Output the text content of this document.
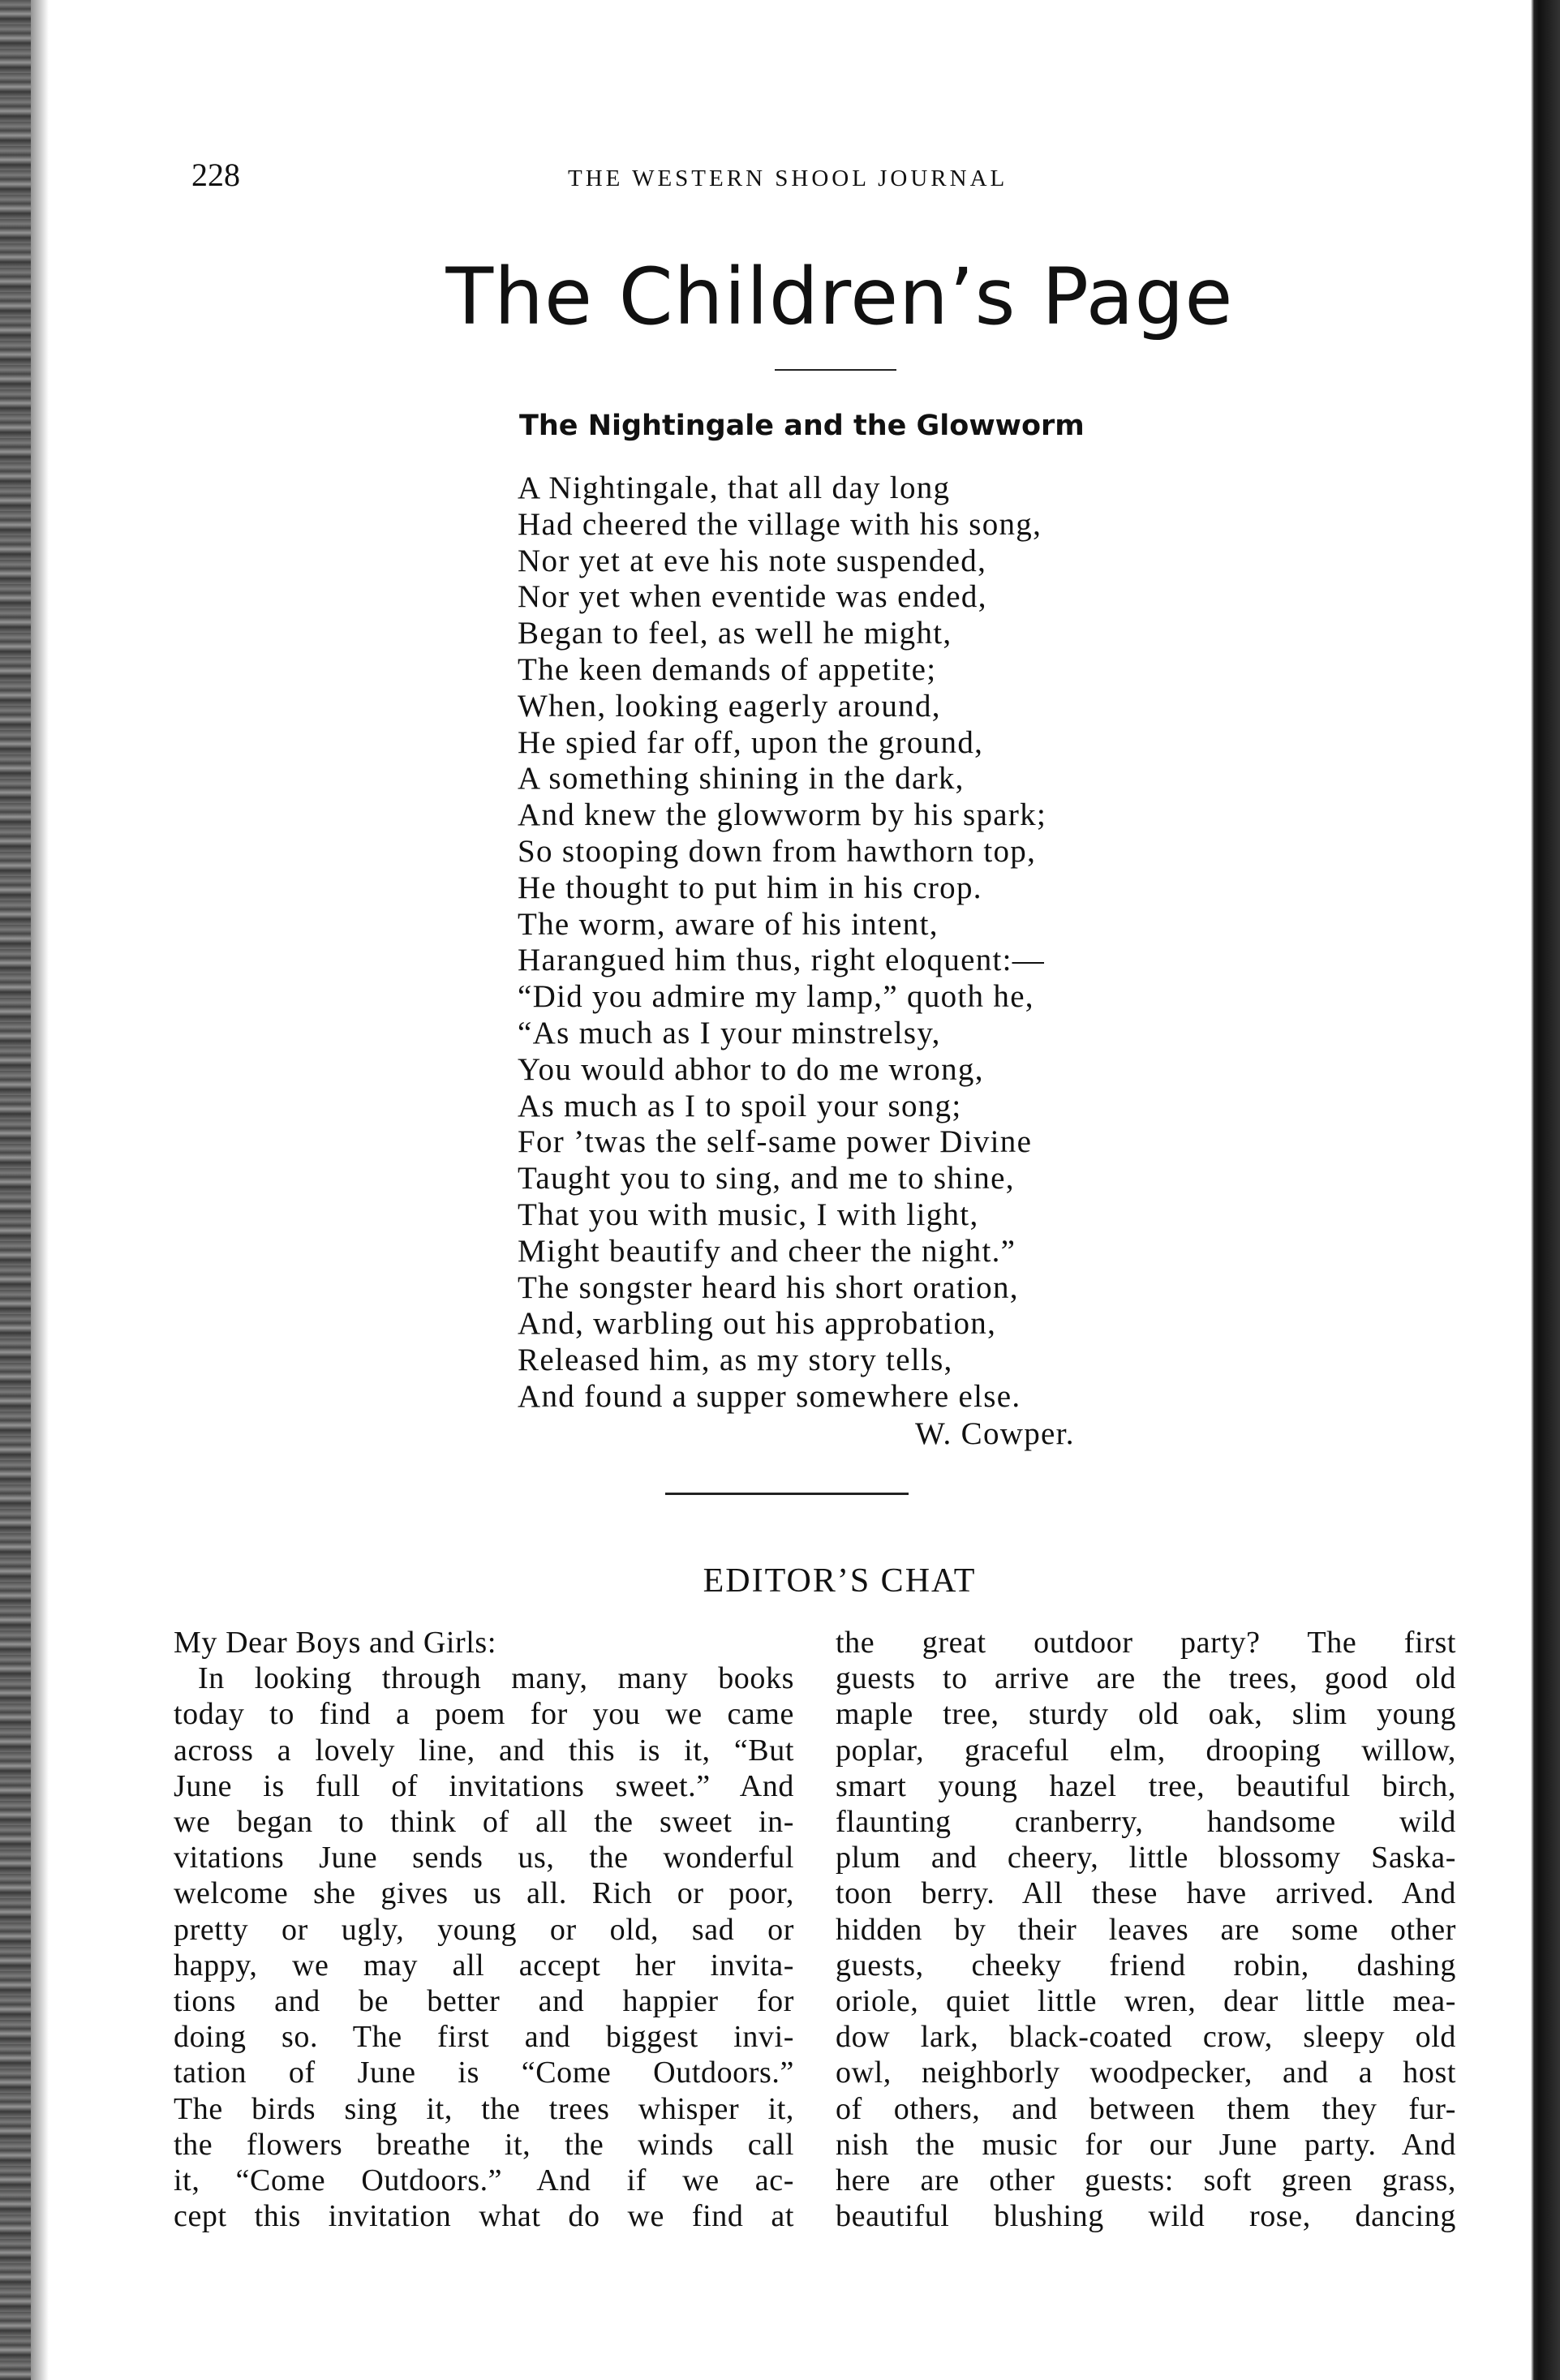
228	THE WESTERN SHOOL JOURNAL
The Children’s Page
The Nightingale and the Glowworm
A Nightingale, that all day long
Had cheered the village with his song,
Nor yet at eve his note suspended,
Nor yet when eventide was ended,
Began to feel, as well he might,
The keen demands of appetite;
When, looking eagerly around,
He spied far off, upon the ground,
A something shining in the dark,
And knew the glowworm by his spark;
So stooping down from hawthorn top,
He thought to put him in his crop.
The worm, aware of his intent,
Harangued him thus, right eloquent:—
“Did you admire my lamp,” quoth he,
“As much as I your minstrelsy,
You would abhor to do me wrong,
As much as I to spoil your song;
For ’twas the self-same power Divine
Taught you to sing, and me to shine,
That you with music, I with light,
Might beautify and cheer the night.”
The songster heard his short oration,
And, warbling out his approbation,
Released him, as my story tells,
And found a supper somewhere else.
W. Cowper.
EDITOR’S CHAT
My Dear Boys and Girls:
In looking through many, many books
today to find a poem for you we came
across a lovely line, and this is it, “But
June is full of invitations sweet.” And
we began to think of all the sweet in-
vitations June sends us, the wonderful
welcome she gives us all. Rich or poor,
pretty or ugly, young or old, sad or
happy, we may all accept her invita-
tions and be better and happier for
doing so. The first and biggest invi-
tation of June is “Come Outdoors.”
The birds sing it, the trees whisper it,
the flowers breathe it, the winds call
it, “Come Outdoors.” And if we ac-
cept this invitation what do we find at
the great outdoor party? The first
guests to arrive are the trees, good old
maple tree, sturdy old oak, slim young
poplar, graceful elm, drooping willow,
smart young hazel tree, beautiful birch,
flaunting cranberry, handsome wild
plum and cheery, little blossomy Saska-
toon berry. All these have arrived. And
hidden by their leaves are some other
guests, cheeky friend robin, dashing
oriole, quiet little wren, dear little mea-
dow lark, black-coated crow, sleepy old
owl, neighborly woodpecker, and a host
of others, and between them they fur-
nish the music for our June party. And
here are other guests: soft green grass,
beautiful blushing wild rose, dancing
